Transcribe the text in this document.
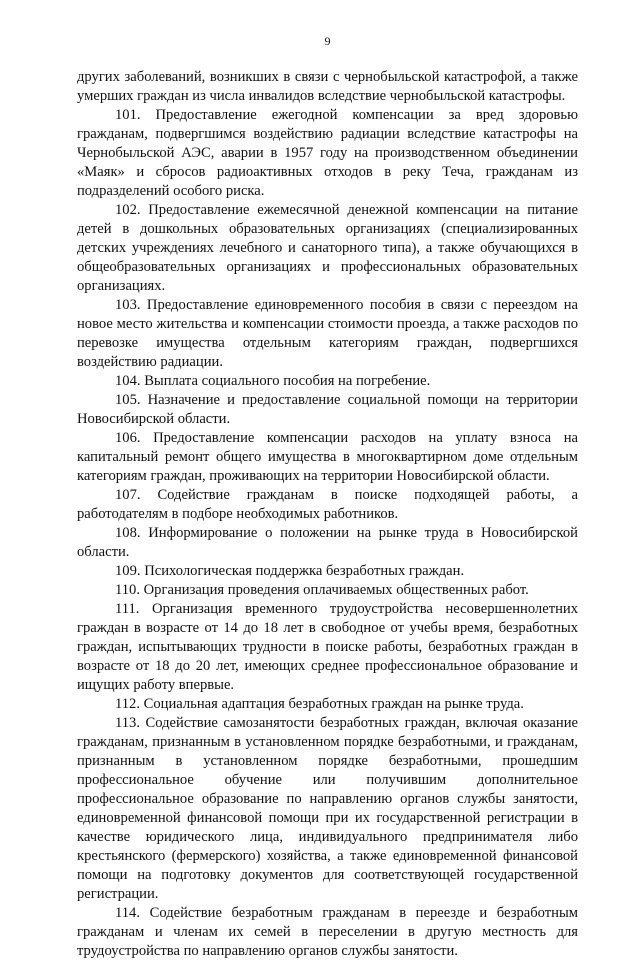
9

других заболеваний, возникших в связи с чернобыльской катастрофой, а также умерших граждан из числа инвалидов вследствие чернобыльской катастрофы.

101. Предоставление ежегодной компенсации за вред здоровью гражданам, подвергшимся воздействию радиации вследствие катастрофы на Чернобыльской АЭС, аварии в 1957 году на производственном объединении «Маяк» и сбросов радиоактивных отходов в реку Теча, гражданам из подразделений особого риска.

102. Предоставление ежемесячной денежной компенсации на питание детей в дошкольных образовательных организациях (специализированных детских учреждениях лечебного и санаторного типа), а также обучающихся в общеобразовательных организациях и профессиональных образовательных организациях.

103. Предоставление единовременного пособия в связи с переездом на новое место жительства и компенсации стоимости проезда, а также расходов по перевозке имущества отдельным категориям граждан, подвергшихся воздействию радиации.

104. Выплата социального пособия на погребение.

105. Назначение и предоставление социальной помощи на территории Новосибирской области.

106. Предоставление компенсации расходов на уплату взноса на капитальный ремонт общего имущества в многоквартирном доме отдельным категориям граждан, проживающих на территории Новосибирской области.

107. Содействие гражданам в поиске подходящей работы, а работодателям в подборе необходимых работников.

108. Информирование о положении на рынке труда в Новосибирской области.

109. Психологическая поддержка безработных граждан.

110. Организация проведения оплачиваемых общественных работ.

111. Организация временного трудоустройства несовершеннолетних граждан в возрасте от 14 до 18 лет в свободное от учебы время, безработных граждан, испытывающих трудности в поиске работы, безработных граждан в возрасте от 18 до 20 лет, имеющих среднее профессиональное образование и ищущих работу впервые.

112. Социальная адаптация безработных граждан на рынке труда.

113. Содействие самозанятости безработных граждан, включая оказание гражданам, признанным в установленном порядке безработными, и гражданам, признанным в установленном порядке безработными, прошедшим профессиональное обучение или получившим дополнительное профессиональное образование по направлению органов службы занятости, единовременной финансовой помощи при их государственной регистрации в качестве юридического лица, индивидуального предпринимателя либо крестьянского (фермерского) хозяйства, а также единовременной финансовой помощи на подготовку документов для соответствующей государственной регистрации.

114. Содействие безработным гражданам в переезде и безработным гражданам и членам их семей в переселении в другую местность для трудоустройства по направлению органов службы занятости.
